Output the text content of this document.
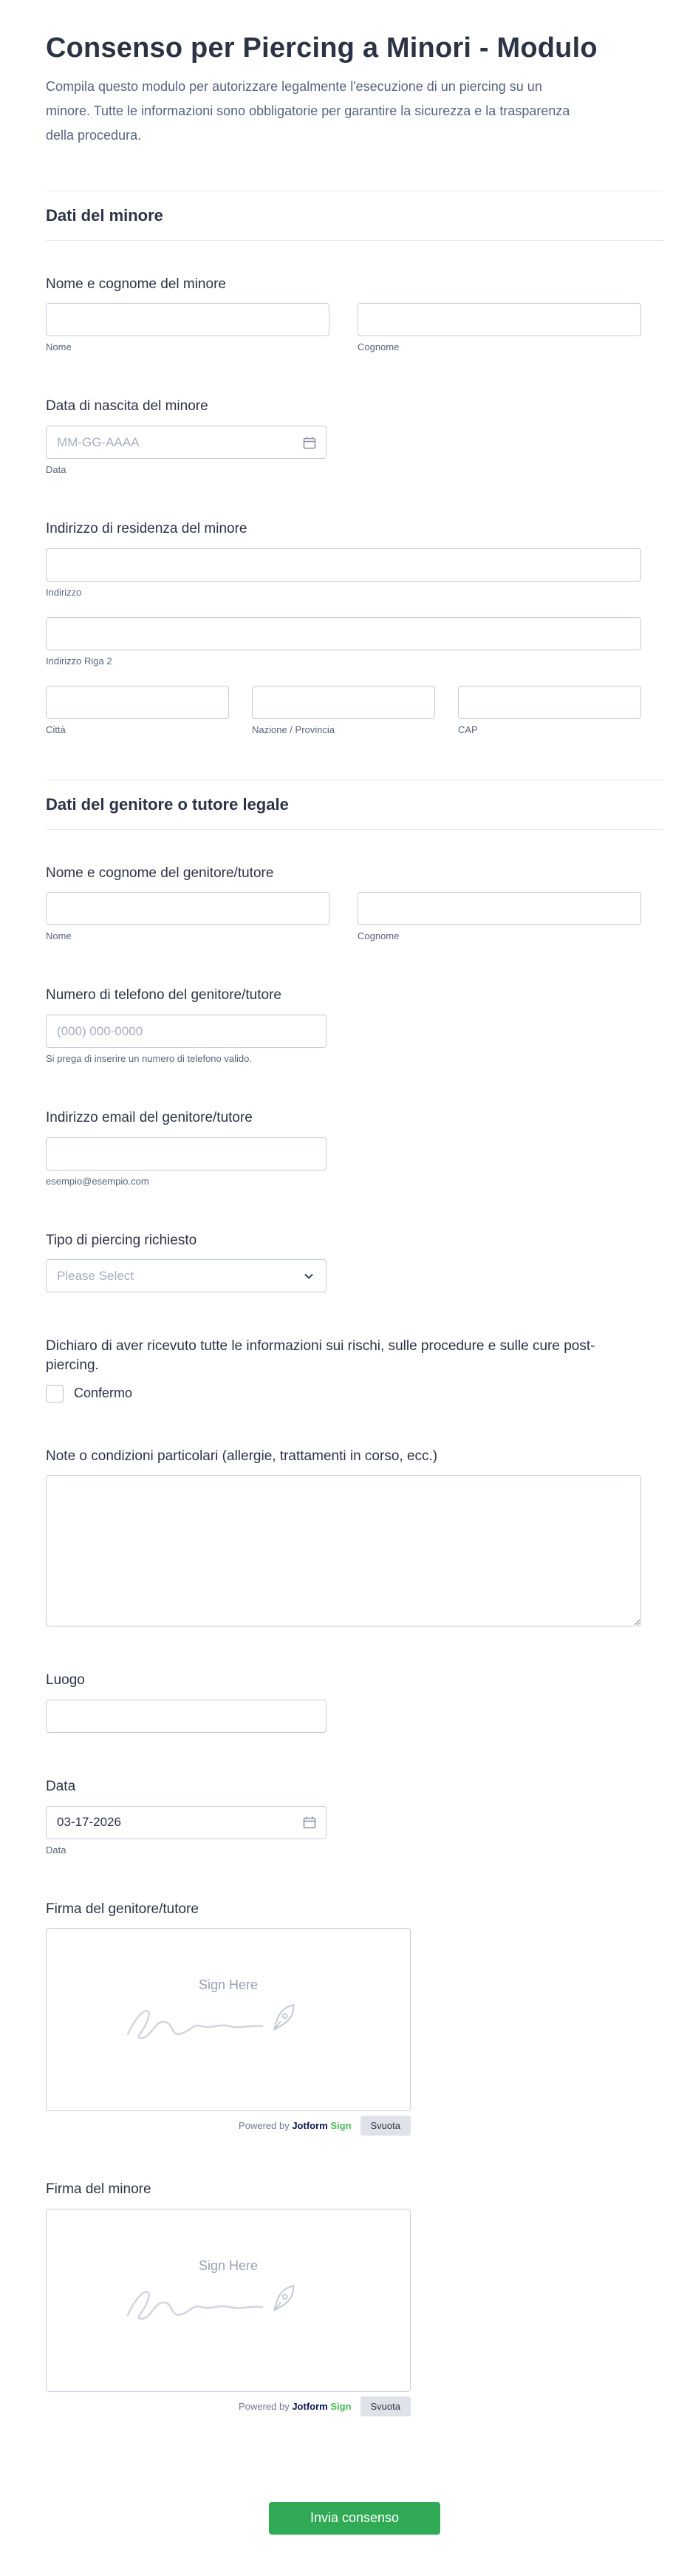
Consenso per Piercing a Minori - Modulo

Compila questo modulo per autorizzare legalmente l'esecuzione di un piercing su un minore. Tutte le informazioni sono obbligatorie per garantire la sicurezza e la trasparenza della procedura.

Dati del minore
Nome e cognome del minore
Nome	Cognome
Data di nascita del minore
MM-GG-AAAA
Data
Indirizzo di residenza del minore
Indirizzo
Indirizzo Riga 2
Città	Nazione / Provincia	CAP
Dati del genitore o tutore legale
Nome e cognome del genitore/tutore
Nome	Cognome
Numero di telefono del genitore/tutore
(000) 000-0000
Si prega di inserire un numero di telefono valido.
Indirizzo email del genitore/tutore
esempio@esempio.com
Tipo di piercing richiesto
Please Select
Dichiaro di aver ricevuto tutte le informazioni sui rischi, sulle procedure e sulle cure post-piercing.
Confermo
Note o condizioni particolari (allergie, trattamenti in corso, ecc.)
Luogo
Data
03-17-2026
Data
Firma del genitore/tutore
Sign Here
Powered by Jotform Sign	Svuota
Firma del minore
Sign Here
Powered by Jotform Sign	Svuota
Invia consenso
